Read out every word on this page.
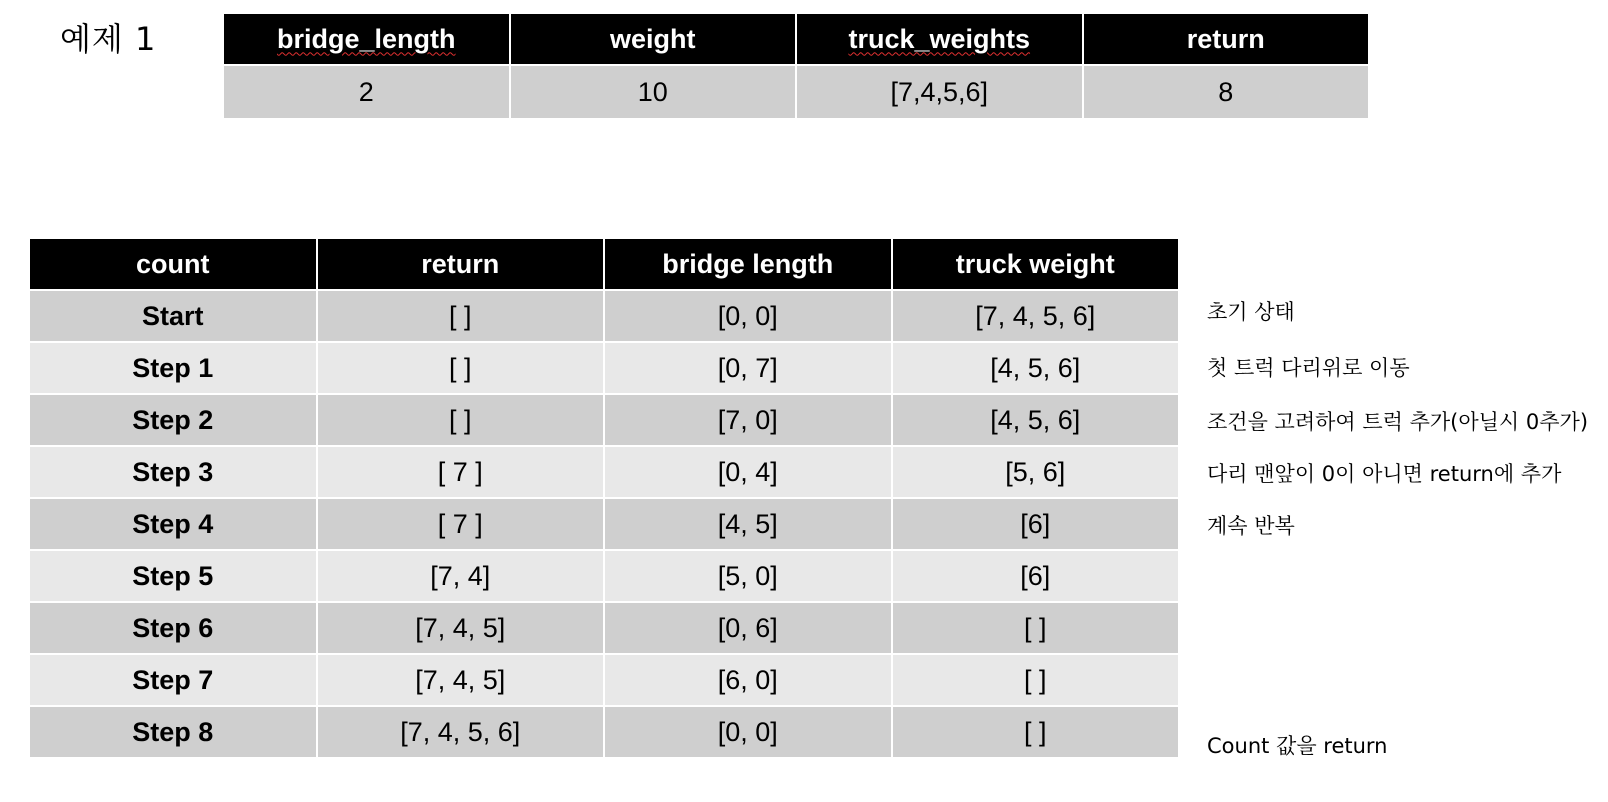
예제 1	bridge_length	weight	truck_weights	return
2	10	[7,4,5,6]	8
count	return	bridge length	truck weight
Start	[ ]	[0, 0]	[7, 4, 5, 6]
Step 1	[ ]	[0, 7]	[4, 5, 6]
Step 2	[ ]	[7, 0]	[4, 5, 6]
Step 3	[ 7 ]	[0, 4]	[5, 6]
Step 4	[ 7 ]	[4, 5]	[6]
Step 5	[7, 4]	[5, 0]	[6]
Step 6	[7, 4, 5]	[0, 6]	[ ]
Step 7	[7, 4, 5]	[6, 0]	[ ]
Step 8	[7, 4, 5, 6]	[0, 0]	[ ]
초기 상태
첫 트럭 다리위로 이동
조건을 고려하여 트럭 추가(아닐시 0추가)
다리 맨앞이 0이 아니면 return에 추가
계속 반복
Count 값을 return
